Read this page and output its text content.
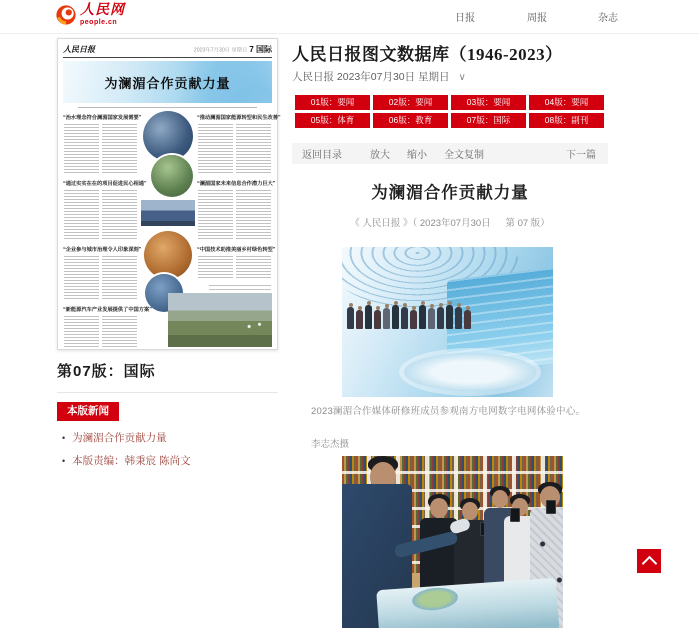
人民网
people.cn	日报	周报	杂志
人民日报	2023年7月30日 星期日 7 国际
为澜湄合作贡献力量
“治水理念符合澜湄国家发展需要”
“通过实实在在的项目促进民心相通”
“企业参与城市治理令人印象深刻”
“新能源汽车产业发展提供了中国方案”
“推动澜湄国家能源转型和民生改善”
“澜湄国家未来信息合作潜力巨大”
“中国技术助推美丽乡村绿色转型”
第07版：国际
本版新闻
• 为澜湄合作贡献力量
• 本版责编：韩秉宸 陈尚文
人民日报图文数据库（1946-2023）
人民日报 2023年07月30日 星期日 ∨
01版：要闻	02版：要闻	03版：要闻	04版：要闻
05版：体育	06版：教育	07版：国际	08版：副刊
返回目录	放大 缩小 全文复制	下一篇
为澜湄合作贡献力量
《 人民日报 》（ 2023年07月30日 　 第 07 版）
2023澜湄合作媒体研修班成员参观南方电网数字电网体验中心。
李志杰摄
